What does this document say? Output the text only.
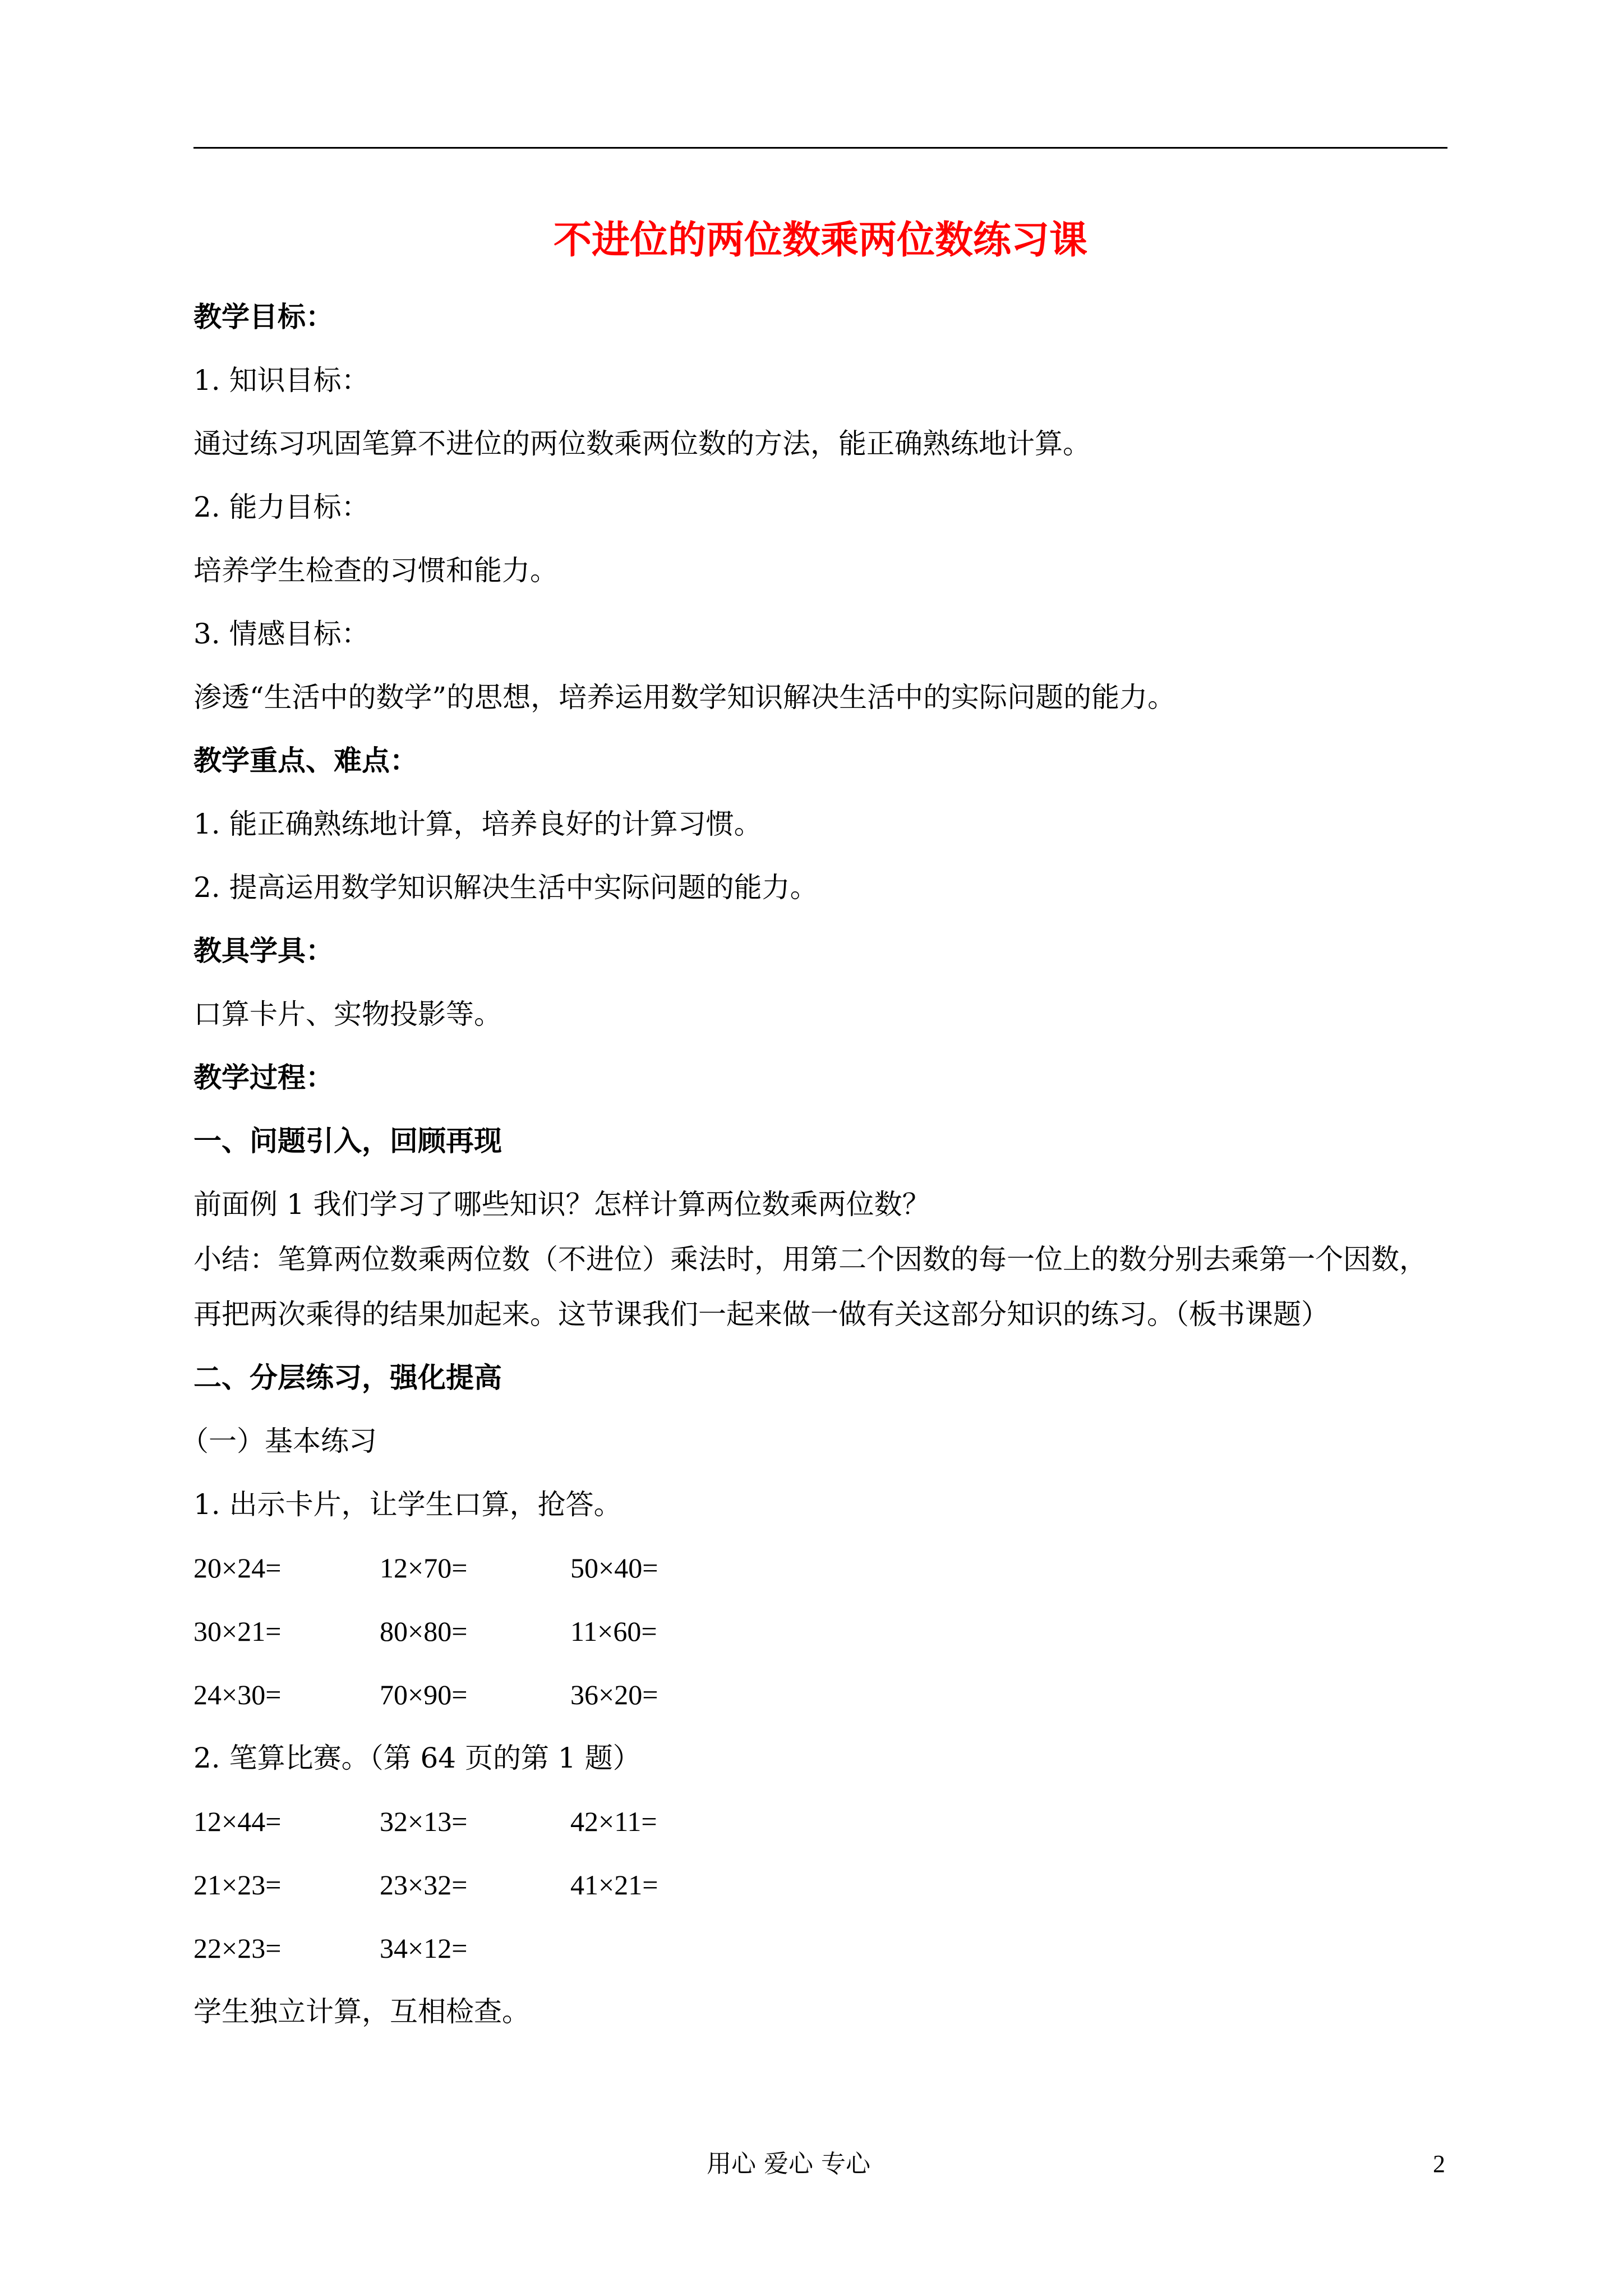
不进位的两位数乘两位数练习课
教学目标：
1. 知识目标：
通过练习巩固笔算不进位的两位数乘两位数的方法，能正确熟练地计算。
2. 能力目标：
培养学生检查的习惯和能力。
3. 情感目标：
渗透“生活中的数学”的思想，培养运用数学知识解决生活中的实际问题的能力。
教学重点、难点：
1. 能正确熟练地计算，培养良好的计算习惯。
2. 提高运用数学知识解决生活中实际问题的能力。
教具学具：
口算卡片、实物投影等。
教学过程：
一、问题引入，回顾再现
前面例 1 我们学习了哪些知识？怎样计算两位数乘两位数？
小结：笔算两位数乘两位数（不进位）乘法时，用第二个因数的每一位上的数分别去乘第一个因数，
再把两次乘得的结果加起来。这节课我们一起来做一做有关这部分知识的练习。（板书课题）
二、分层练习，强化提高
（一）基本练习
1. 出示卡片，让学生口算，抢答。
20×24=	12×70=	50×40=
30×21=	80×80=	11×60=
24×30=	70×90=	36×20=
2. 笔算比赛。（第 64 页的第 1 题）
12×44=	32×13=	42×11=
21×23=	23×32=	41×21=
22×23=	34×12=
学生独立计算，互相检查。
用心 爱心 专心	2
